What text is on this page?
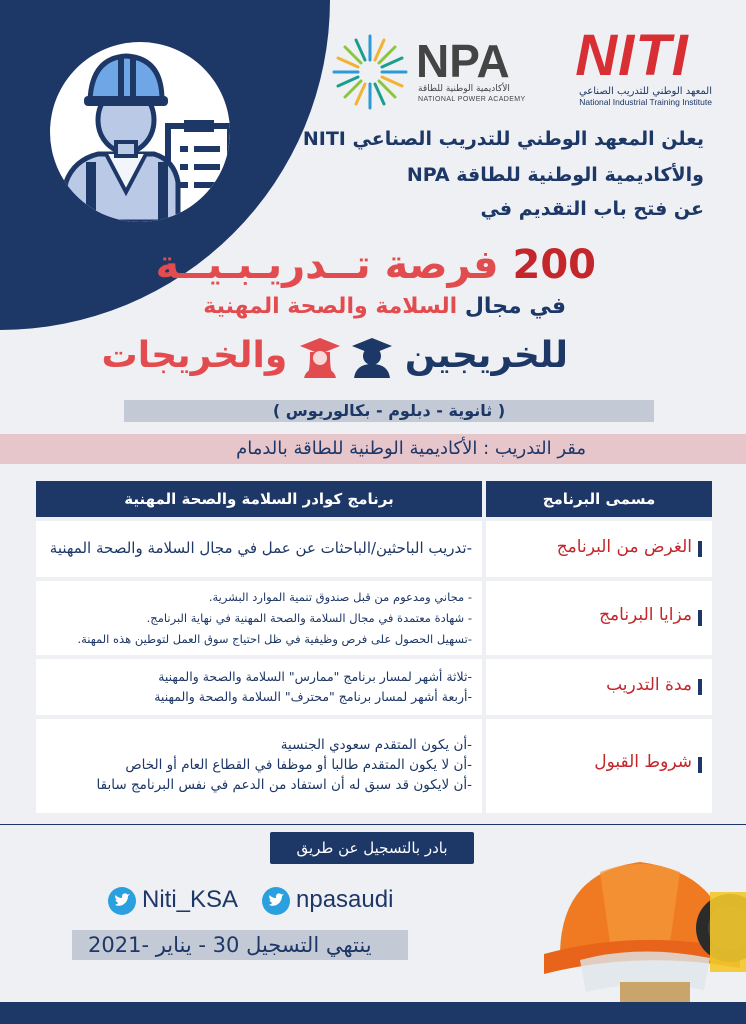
NITI
المعهد الوطني للتدريب الصناعي
National Industrial Training Institute
NPA
الأكاديمية الوطنية للطاقة
NATIONAL POWER ACADEMY
يعلن المعهد الوطني للتدريب الصناعي NITI
والأكاديمية الوطنية للطاقة NPA
عن فتح باب التقديم في
200 فرصة تــدريـبـيــة
في مجال السلامة والصحة المهنية
للخريجين   والخريجات
( ثانوية - دبلوم - بكالوريوس )
مقر التدريب : الأكاديمية الوطنية للطاقة بالدمام
مسمى البرنامج
برنامج كوادر السلامة والصحة المهنية
الغرض من البرنامج
-تدريب الباحثين/الباحثات عن عمل في مجال السلامة والصحة المهنية
مزايا البرنامج
- مجاني ومدعوم من قبل صندوق تنمية الموارد البشرية.
- شهادة معتمدة في مجال السلامة والصحة المهنية في نهاية البرنامج.
-تسهيل الحصول على فرص وظيفية في ظل احتياج سوق العمل لتوطين هذه المهنة.
مدة التدريب
-ثلاثة أشهر لمسار برنامج "ممارس" السلامة والصحة والمهنية
-أربعة أشهر لمسار برنامج "محترف" السلامة والصحة والمهنية
شروط القبول
-أن يكون المتقدم سعودي الجنسية
-أن لا يكون المتقدم طالبا أو موظفا في القطاع العام أو الخاص
-أن لايكون قد سبق له أن استفاد من الدعم في نفس البرنامج سابقا
بادر بالتسجيل عن طريق
Niti_KSA	npasaudi
ينتهي التسجيل 30 - يناير -2021
